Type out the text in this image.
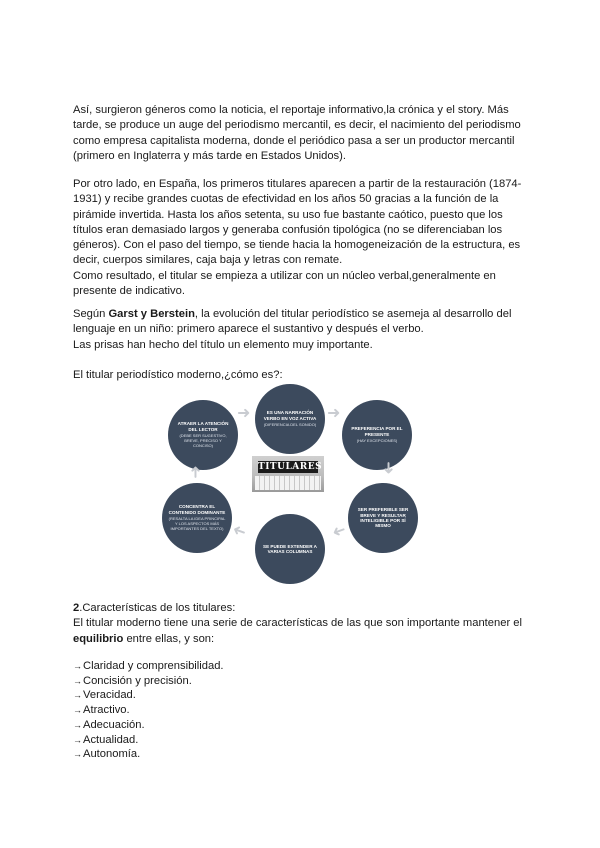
Así, surgieron géneros como la noticia, el reportaje informativo,la crónica y el story. Más tarde, se produce un auge del periodismo mercantil, es decir, el nacimiento del periodismo como empresa capitalista moderna, donde el periódico pasa a ser un productor mercantil (primero en Inglaterra y más tarde en Estados Unidos).

Por otro lado, en España, los primeros titulares aparecen a partir de la restauración (1874-1931) y recibe grandes cuotas de efectividad en los años 50 gracias a la función de la pirámide invertida. Hasta los años setenta, su uso fue bastante caótico, puesto que los títulos eran demasiado largos y generaba confusión tipológica (no se diferenciaban los géneros). Con el paso del tiempo, se tiende hacia la homogeneización de la estructura, es decir, cuerpos similares, caja baja y letras con remate.

Como resultado, el titular se empieza a utilizar con un núcleo verbal,generalmente en presente de indicativo.

Según Garst y Berstein, la evolución del titular periodístico se asemeja al desarrollo del lenguaje en un niño: primero aparece el sustantivo y después el verbo.

Las prisas han hecho del título un elemento muy importante.

El titular periodístico moderno,¿cómo es?:

TITULARES
ES UNA NARRACIÓN VERBO EN VOZ ACTIVA
(DIFERENCIA DEL SONIDO)
PREFERENCIA POR EL PRESENTE
(HAY EXCEPCIONES)
SER PREFERIBLE SER BREVE Y RESULTAR INTELIGIBLE POR SÍ MISMO
SE PUEDE EXTENDER A VARIAS COLUMNAS
CONCENTRA EL CONTENIDO DOMINANTE
(RESALTA LA IDEA PRINCIPAL Y LOS ASPECTOS MÁS IMPORTANTES DEL TEXTO)
ATRAER LA ATENCIÓN DEL LECTOR
(DEBE SER SUGESTIVO, BREVE, PRECISO Y CONCISO)
➜	➜
➜
➜
➜
➜

2.Características de los titulares:

El titular moderno tiene una serie de características de las que son importante mantener el equilibrio entre ellas, y son:

→ Claridad y comprensibilidad.
→ Concisión y precisión.
→ Veracidad.
→ Atractivo.
→ Adecuación.
→ Actualidad.
→ Autonomía.
